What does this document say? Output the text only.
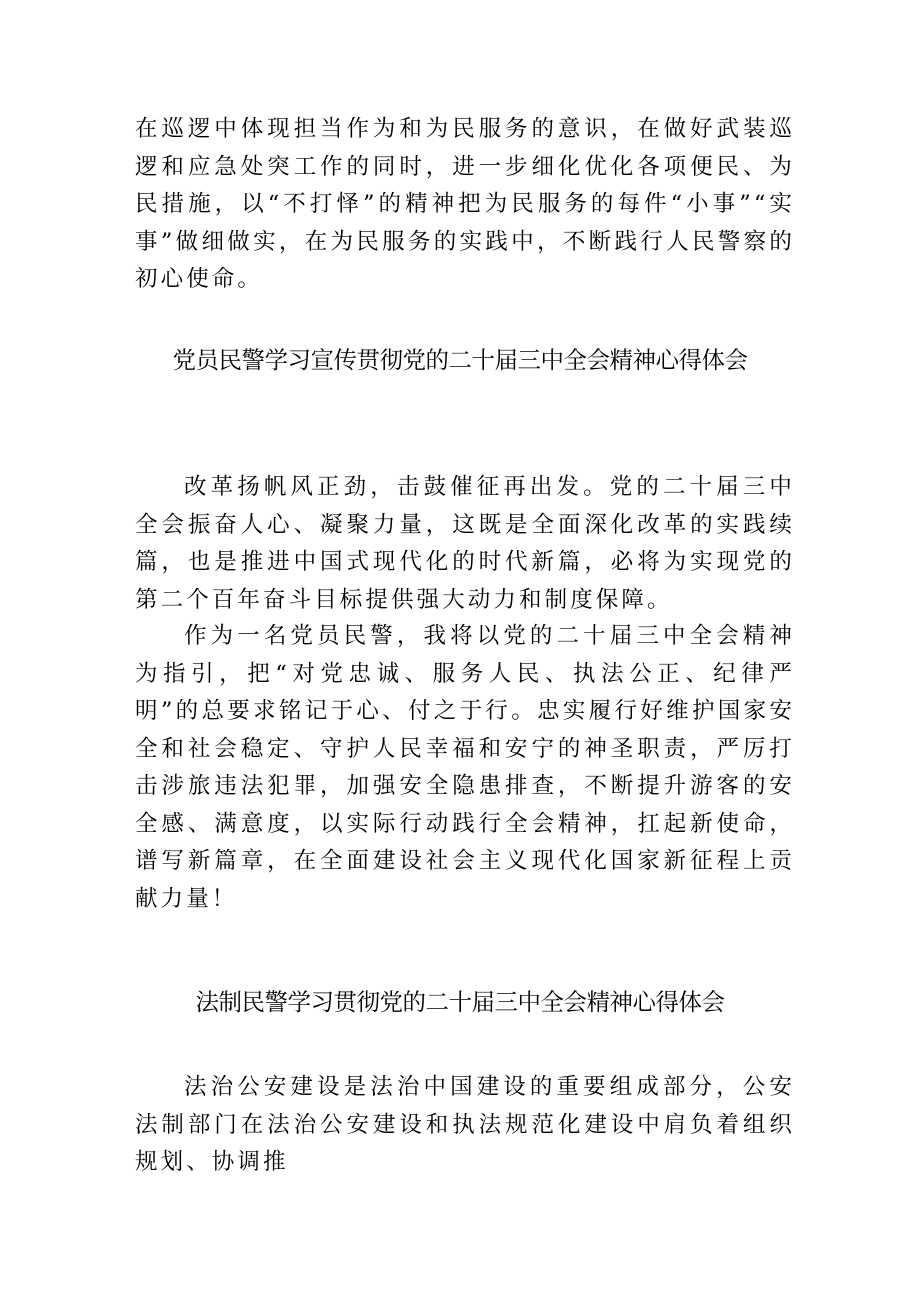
在巡逻中体现担当作为和为民服务的意识，在做好武装巡逻和应急处突工作的同时，进一步细化优化各项便民、为民措施，以“不打怿”的精神把为民服务的每件“小事”“实事”做细做实，在为民服务的实践中，不断践行人民警察的初心使命。

党员民警学习宣传贯彻党的二十届三中全会精神心得体会

改革扬帆风正劲，击鼓催征再出发。党的二十届三中全会振奋人心、凝聚力量，这既是全面深化改革的实践续篇，也是推进中国式现代化的时代新篇，必将为实现党的第二个百年奋斗目标提供强大动力和制度保障。

作为一名党员民警，我将以党的二十届三中全会精神为指引，把“对党忠诚、服务人民、执法公正、纪律严明”的总要求铭记于心、付之于行。忠实履行好维护国家安全和社会稳定、守护人民幸福和安宁的神圣职责，严厉打击涉旅违法犯罪，加强安全隐患排查，不断提升游客的安全感、满意度，以实际行动践行全会精神，扛起新使命，谱写新篇章，在全面建设社会主义现代化国家新征程上贡献力量！

法制民警学习贯彻党的二十届三中全会精神心得体会

法治公安建设是法治中国建设的重要组成部分，公安法制部门在法治公安建设和执法规范化建设中肩负着组织规划、协调推
